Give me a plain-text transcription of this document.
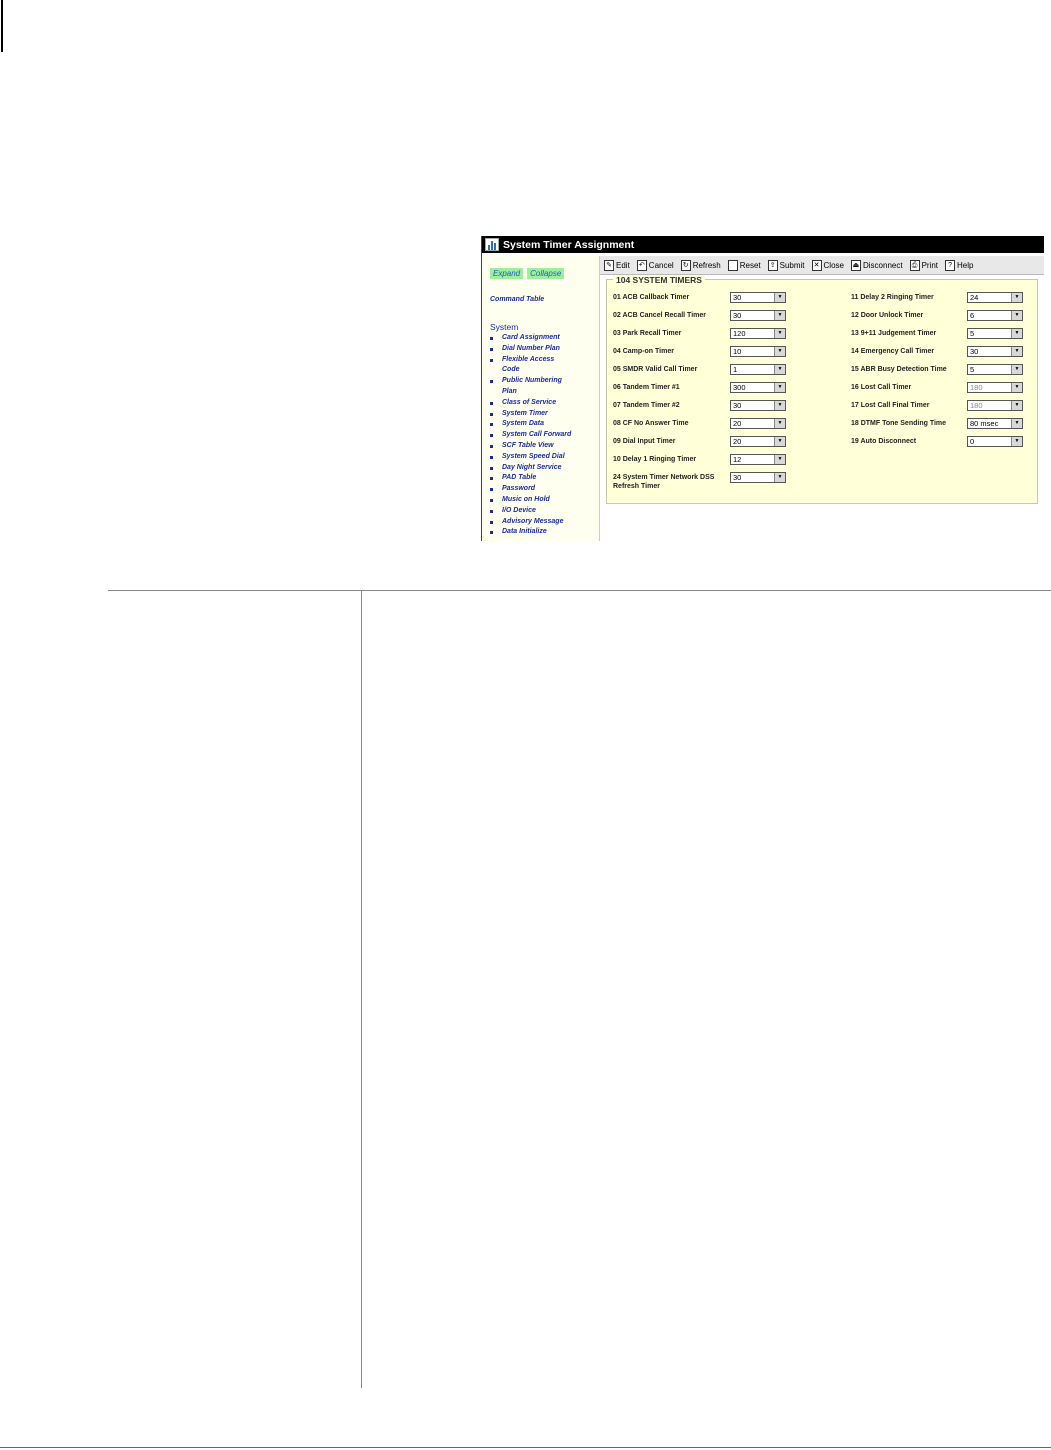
System Timer Assignment
Expand	Collapse
Command Table
System
Card Assignment
Dial Number Plan
Flexible Access
Code
Public Numbering
Plan
Class of Service
System Timer
System Data
System Call Forward
SCF Table View
System Speed Dial
Day Night Service
PAD Table
Password
Music on Hold
I/O Device
Advisory Message
Data Initialize
✎ Edit ↶ Cancel ↻ Refresh Reset ⇪ Submit ✕ Close ⏏ Disconnect	⎙ Print	? Help
104 SYSTEM TIMERS
01 ACB Callback Timer	30	▼
02 ACB Cancel Recall Timer	30	▼
03 Park Recall Timer	120	▼
04 Camp-on Timer	10	▼
05 SMDR Valid Call Timer	1	▼
06 Tandem Timer #1	300	▼
07 Tandem Timer #2	30	▼
08 CF No Answer Time	20	▼
09 Dial Input Timer	20	▼
10 Delay 1 Ringing Timer	12	▼
24 System Timer Network DSS
Refresh Timer
30	▼
11 Delay 2 Ringing Timer	24	▼
12 Door Unlock Timer	6	▼
13 9+11 Judgement Timer	5	▼
14 Emergency Call Timer	30	▼
15 ABR Busy Detection Time	5	▼
16 Lost Call Timer	180	▼
17 Lost Call Final Timer	180	▼
18 DTMF Tone Sending Time	80 msec	▼
19 Auto Disconnect	0	▼
